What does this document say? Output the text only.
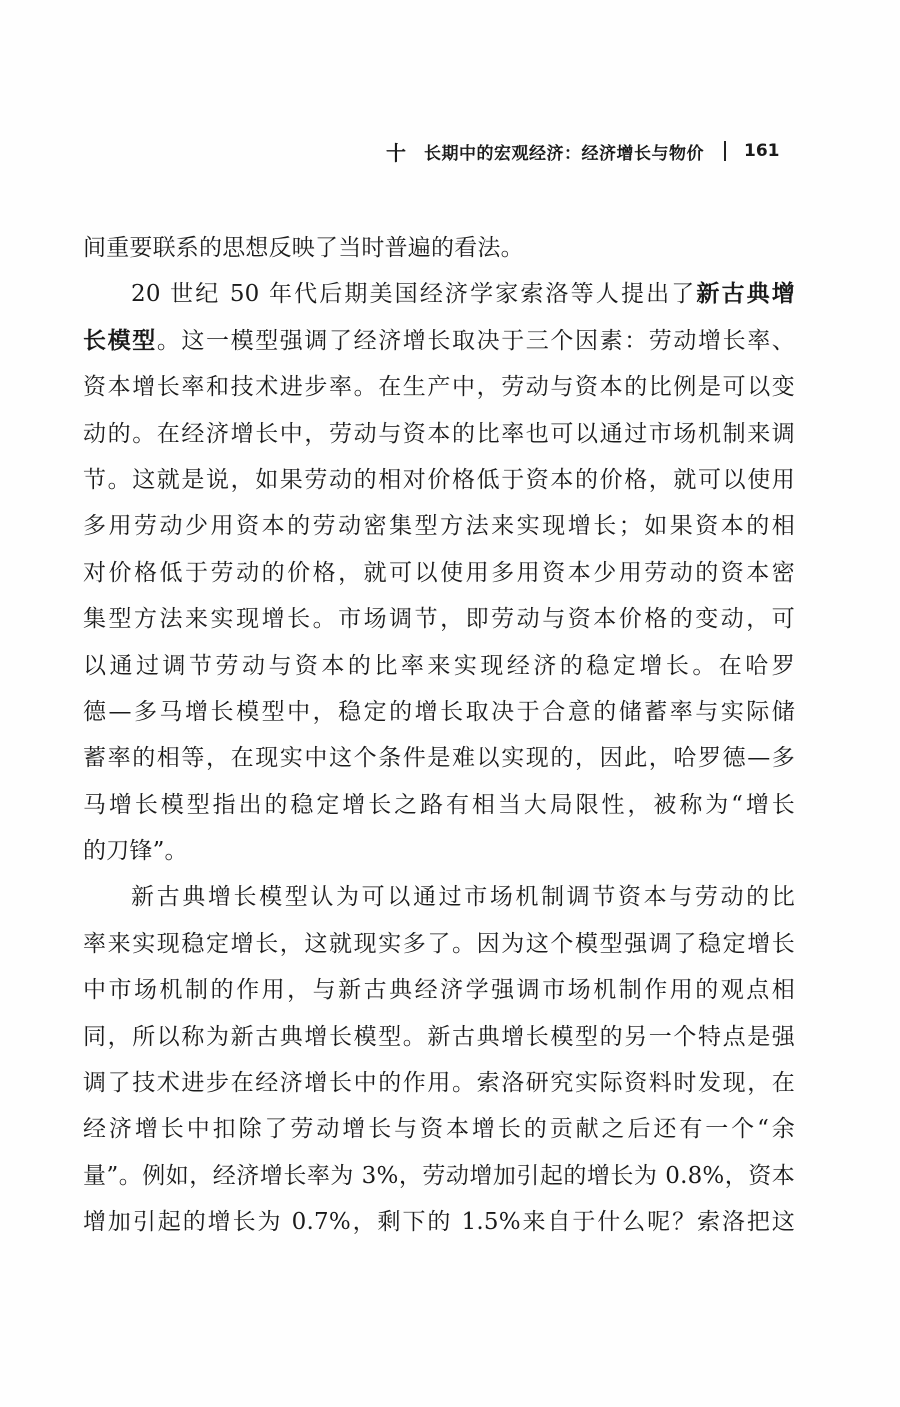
十 长期中的宏观经济：经济增长与物价 161
间重要联系的思想反映了当时普遍的看法。
20 世纪 50 年代后期美国经济学家索洛等人提出了新古典增
长模型。这一模型强调了经济增长取决于三个因素：劳动增长率、
资本增长率和技术进步率。在生产中，劳动与资本的比例是可以变
动的。在经济增长中，劳动与资本的比率也可以通过市场机制来调
节。这就是说，如果劳动的相对价格低于资本的价格，就可以使用
多用劳动少用资本的劳动密集型方法来实现增长；如果资本的相
对价格低于劳动的价格，就可以使用多用资本少用劳动的资本密
集型方法来实现增长。市场调节，即劳动与资本价格的变动，可
以通过调节劳动与资本的比率来实现经济的稳定增长。在哈罗
德—多马增长模型中，稳定的增长取决于合意的储蓄率与实际储
蓄率的相等，在现实中这个条件是难以实现的，因此，哈罗德—多
马增长模型指出的稳定增长之路有相当大局限性，被称为“增长
的刀锋”。
新古典增长模型认为可以通过市场机制调节资本与劳动的比
率来实现稳定增长，这就现实多了。因为这个模型强调了稳定增长
中市场机制的作用，与新古典经济学强调市场机制作用的观点相
同，所以称为新古典增长模型。新古典增长模型的另一个特点是强
调了技术进步在经济增长中的作用。索洛研究实际资料时发现，在
经济增长中扣除了劳动增长与资本增长的贡献之后还有一个“余
量”。例如，经济增长率为 3%，劳动增加引起的增长为 0.8%，资本
增加引起的增长为 0.7%，剩下的 1.5%来自于什么呢？索洛把这
